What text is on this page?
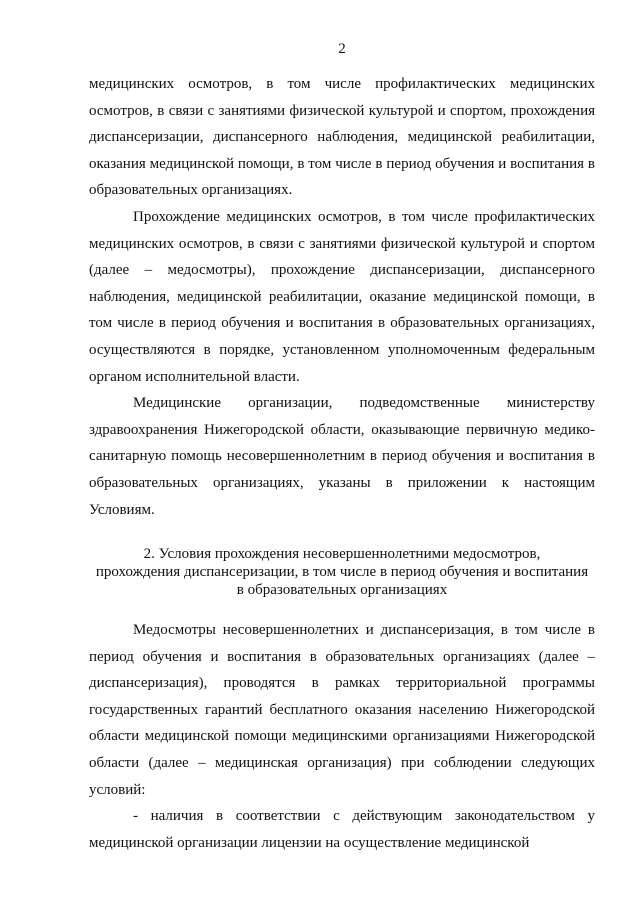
2

медицинских осмотров, в том числе профилактических медицинских осмотров, в связи с занятиями физической культурой и спортом, прохождения диспансеризации, диспансерного наблюдения, медицинской реабилитации, оказания медицинской помощи, в том числе в период обучения и воспитания в образовательных организациях.

Прохождение медицинских осмотров, в том числе профилактических медицинских осмотров, в связи с занятиями физической культурой и спортом (далее – медосмотры), прохождение диспансеризации, диспансерного наблюдения, медицинской реабилитации, оказание медицинской помощи, в том числе в период обучения и воспитания в образовательных организациях, осуществляются в порядке, установленном уполномоченным федеральным органом исполнительной власти.

Медицинские организации, подведомственные министерству здравоохранения Нижегородской области, оказывающие первичную медико-санитарную помощь несовершеннолетним в период обучения и воспитания в образовательных организациях, указаны в приложении к настоящим Условиям.

2. Условия прохождения несовершеннолетними медосмотров,
прохождения диспансеризации, в том числе в период обучения и воспитания
в образовательных организациях

Медосмотры несовершеннолетних и диспансеризация, в том числе в период обучения и воспитания в образовательных организациях (далее – диспансеризация), проводятся в рамках территориальной программы государственных гарантий бесплатного оказания населению Нижегородской области медицинской помощи медицинскими организациями Нижегородской области (далее – медицинская организация) при соблюдении следующих условий:

- наличия в соответствии с действующим законодательством у медицинской организации лицензии на осуществление медицинской
